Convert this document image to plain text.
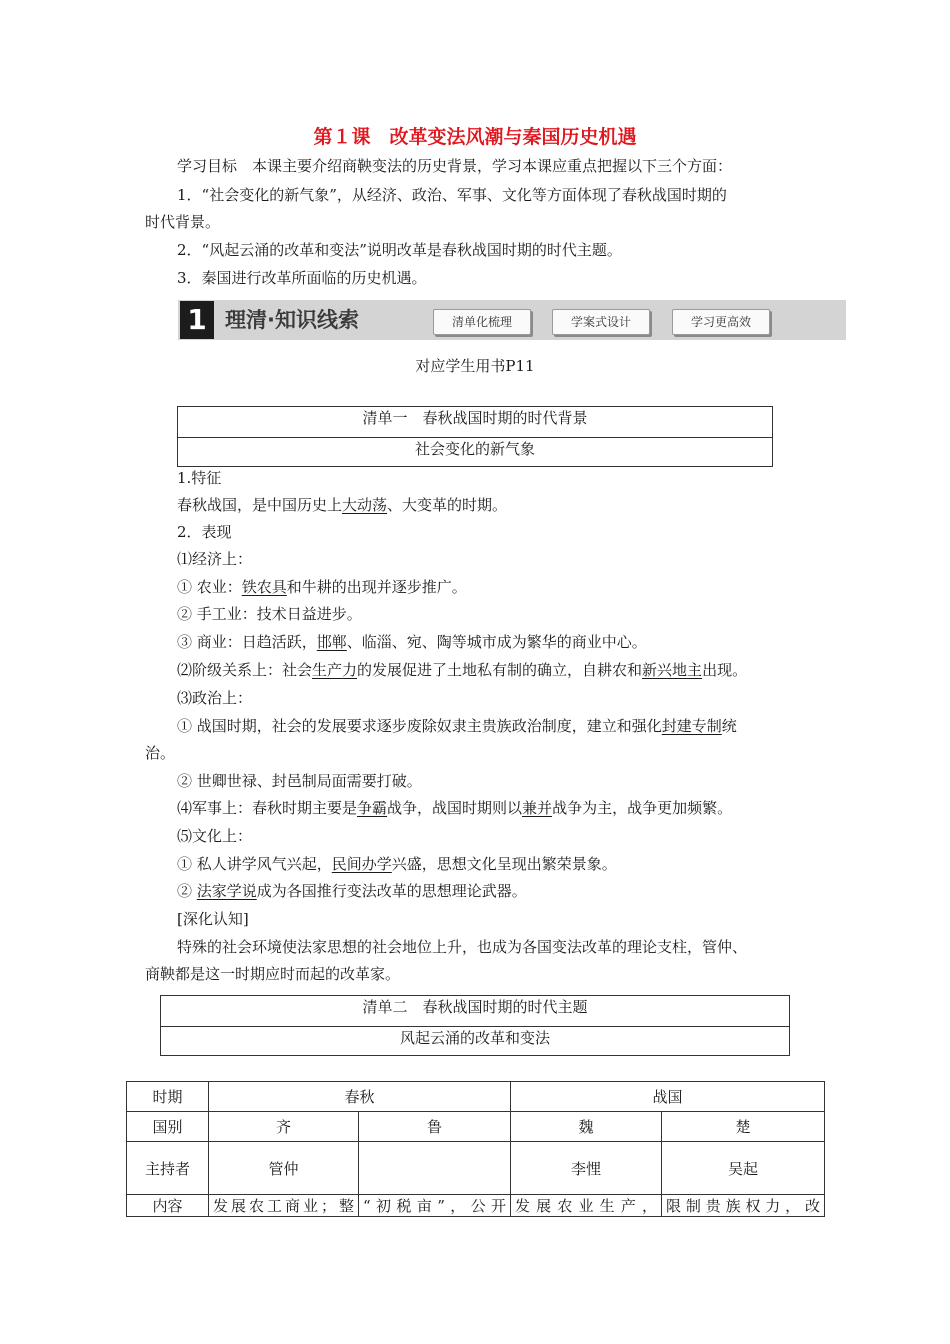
第１课　改革变法风潮与秦国历史机遇
学习目标　本课主要介绍商鞅变法的历史背景，学习本课应重点把握以下三个方面：
1．“社会变化的新气象”，从经济、政治、军事、文化等方面体现了春秋战国时期的
时代背景。
2．“风起云涌的改革和变法”说明改革是春秋战国时期的时代主题。
3．秦国进行改革所面临的历史机遇。
1 理清·知识线索	清单化梳理	学案式设计	学习更高效
对应学生用书P11
清单一　春秋战国时期的时代背景
社会变化的新气象
1.特征
春秋战国，是中国历史上大动荡、大变革的时期。
2．表现
⑴经济上：
① 农业：铁农具和牛耕的出现并逐步推广。
② 手工业：技术日益进步。
③ 商业：日趋活跃，邯郸、临淄、宛、陶等城市成为繁华的商业中心。
⑵阶级关系上：社会生产力的发展促进了土地私有制的确立，自耕农和新兴地主出现。
⑶政治上：
① 战国时期，社会的发展要求逐步废除奴隶主贵族政治制度，建立和强化封建专制统
治。
② 世卿世禄、封邑制局面需要打破。
⑷军事上：春秋时期主要是争霸战争，战国时期则以兼并战争为主，战争更加频繁。
⑸文化上：
① 私人讲学风气兴起，民间办学兴盛，思想文化呈现出繁荣景象。
② 法家学说成为各国推行变法改革的思想理论武器。
[深化认知]
特殊的社会环境使法家思想的社会地位上升，也成为各国变法改革的理论支柱，管仲、
商鞅都是这一时期应时而起的改革家。
清单二　春秋战国时期的时代主题
风起云涌的改革和变法
时期	春秋		战国	
国别	齐	鲁	魏	楚
主持者	管仲		李悝	吴起
内容	发展农工商业；整	“初税亩”，公开	发展农业生产，	限制贵族权力，改
